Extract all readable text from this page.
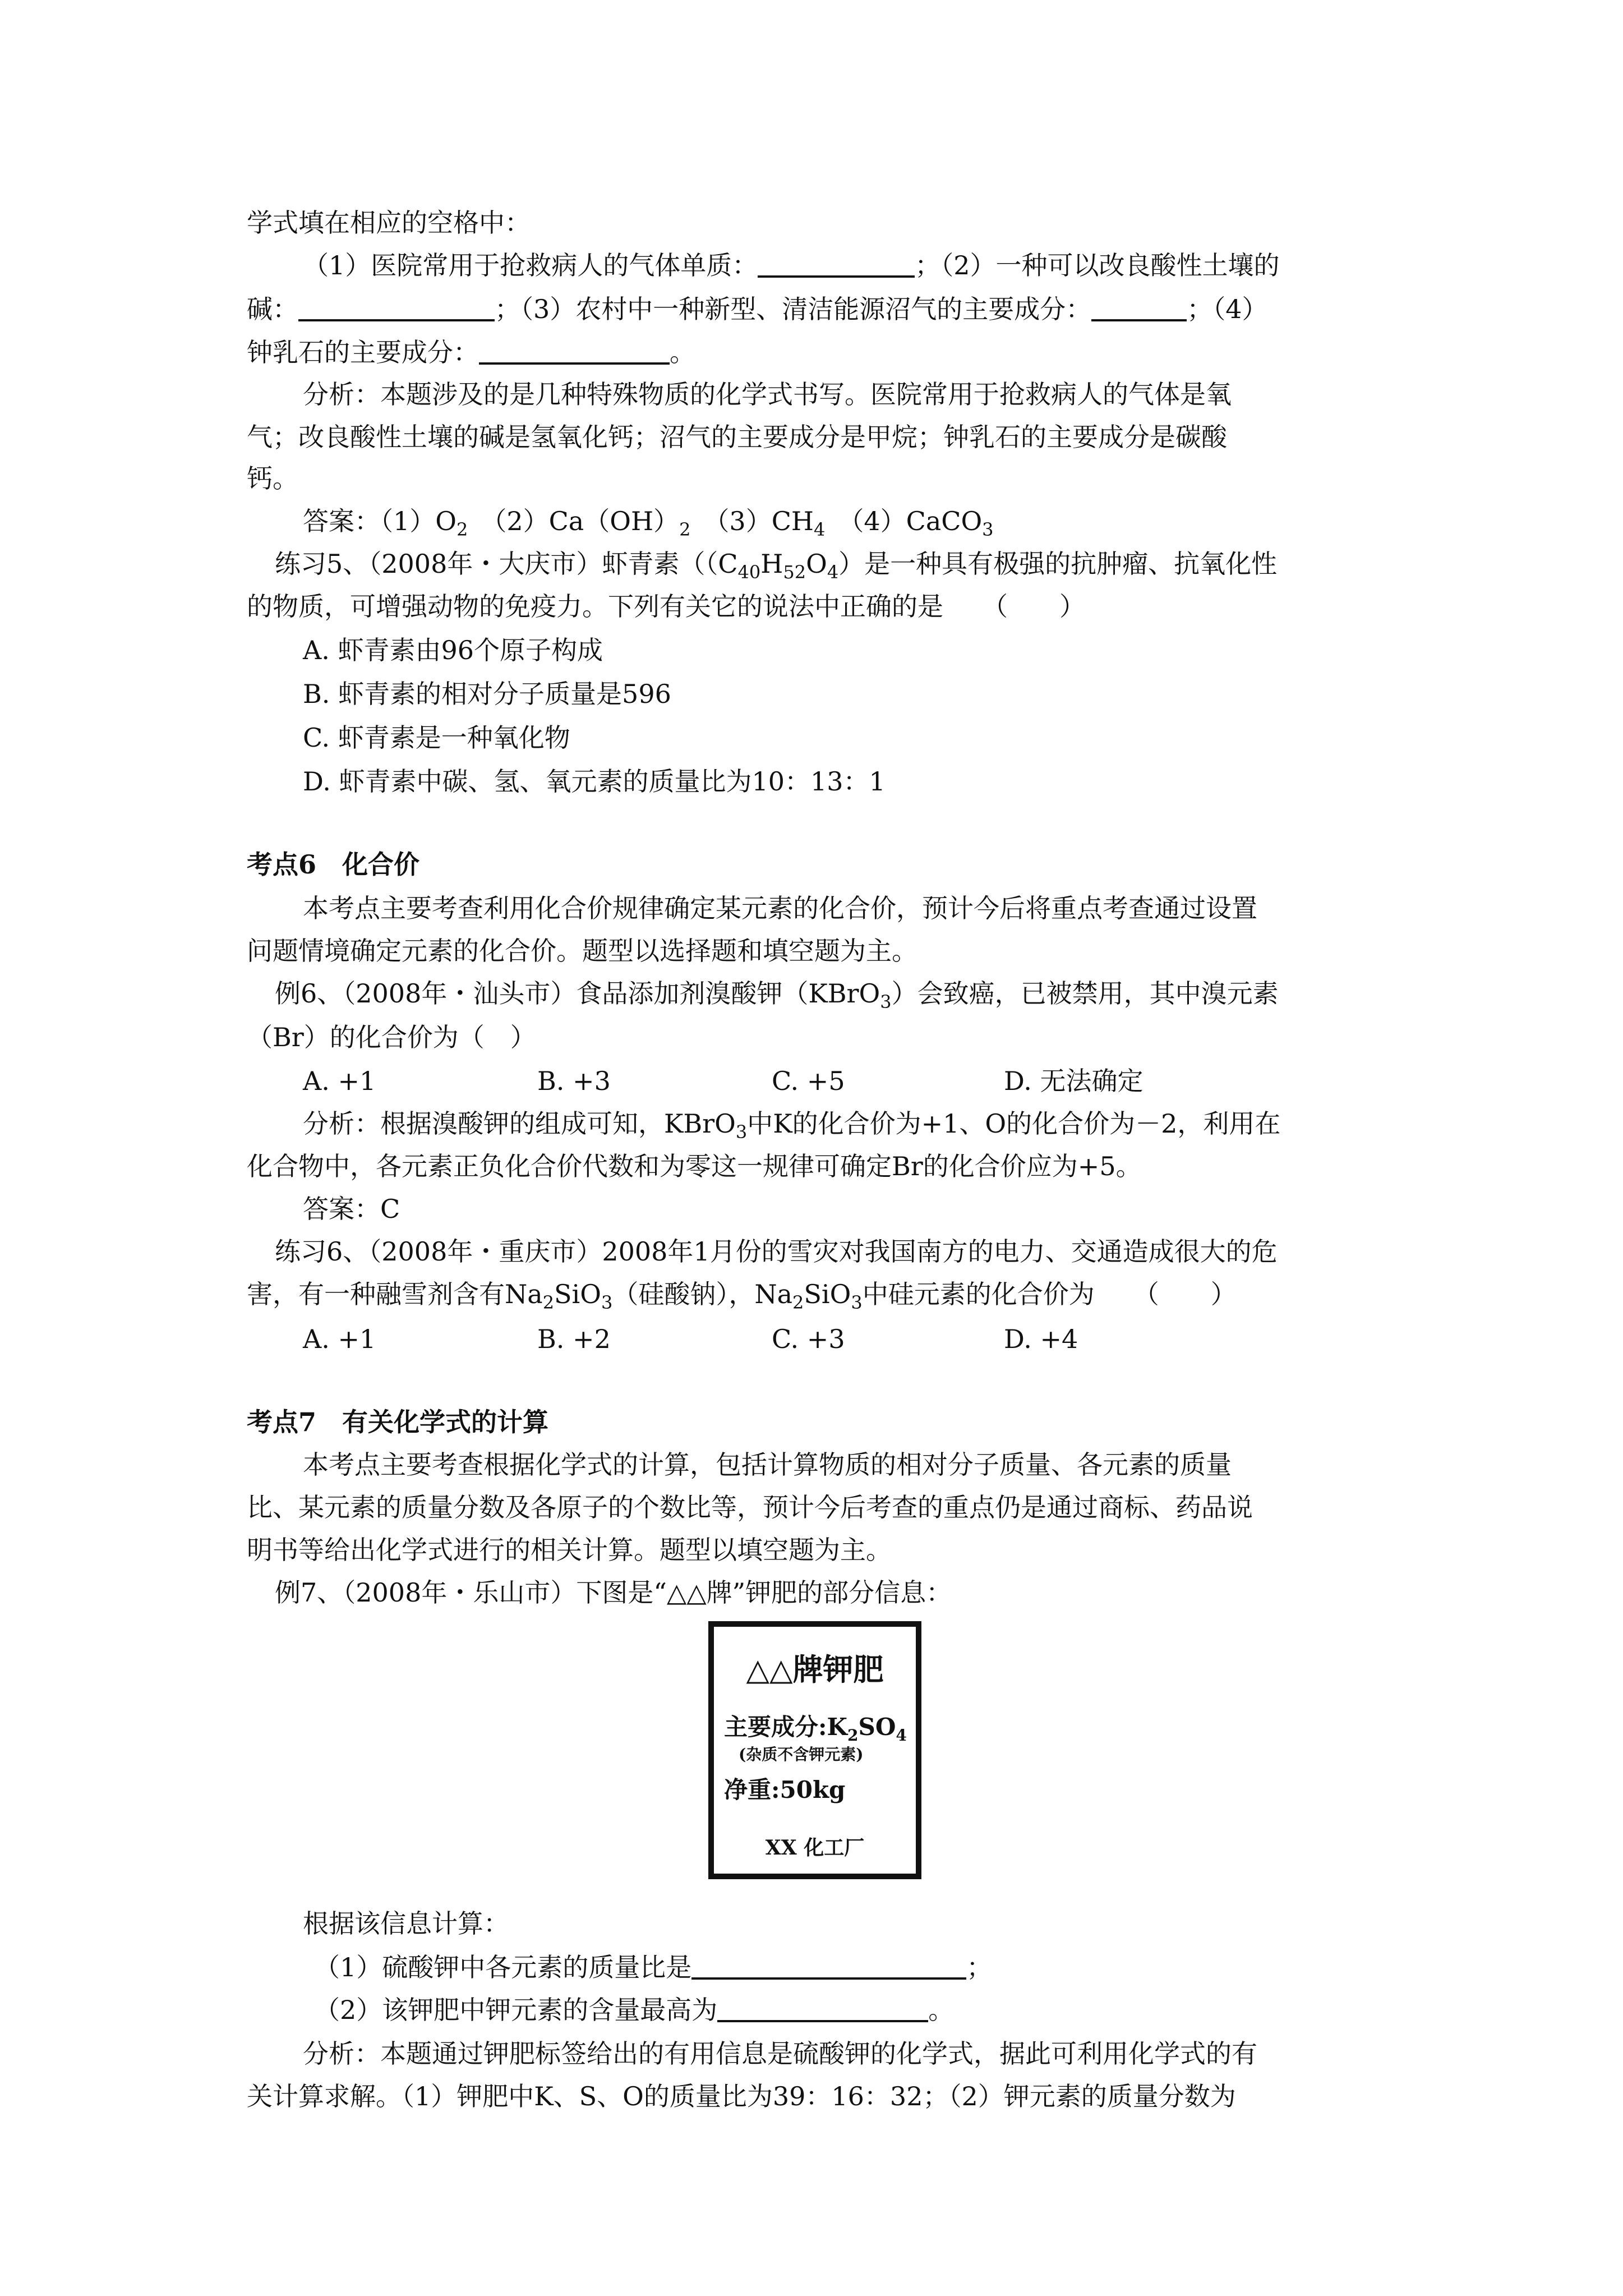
学式填在相应的空格中：
（1）医院常用于抢救病人的气体单质：	；（2）一种可以改良酸性土壤的
碱：	；（3）农村中一种新型、清洁能源沼气的主要成分：	；（4）
钟乳石的主要成分：	。
分析：本题涉及的是几种特殊物质的化学式书写。医院常用于抢救病人的气体是氧
气；改良酸性土壤的碱是氢氧化钙；沼气的主要成分是甲烷；钟乳石的主要成分是碳酸
钙。
答案：$(1)O_2$　 $(2)Ca(OH)_2$　 $(3)CH_4$　 （4）CaCO$_3$
练习5、（2008年・大庆市）虾青素（$(C_{40}H_{52}O_4)$是一种具有极强的抗肿瘤、抗氧化性
的物质，可增强动物的免疫力。下列有关它的说法中正确的是　　（　　）
A. 虾青素由96个原子构成
B. 虾青素的相对分子质量是596
C. 虾青素是一种氧化物
D. 虾青素中碳、氢、氧元素的质量比为10：13：1
考点6　化合价
本考点主要考查利用化合价规律确定某元素的化合价，预计今后将重点考查通过设置
问题情境确定元素的化合价。题型以选择题和填空题为主。
例6、（2008年・汕头市）食品添加剂溴酸钾（KBrO$_3$）会致癌，已被禁用，其中溴元素
（Br）的化合价为（　）
A. +1	B. +3	C. +5	D. 无法确定
分析：根据溴酸钾的组成可知，KBrO$_3$中K的化合价为+1、O的化合价为－2，利用在
化合物中，各元素正负化合价代数和为零这一规律可确定Br的化合价应为+5。
答案：C
练习6、（2008年・重庆市）2008年1月份的雪灾对我国南方的电力、交通造成很大的危
害，有一种融雪剂含有$Na_2SiO_3$（硅酸钠），$Na_2SiO_3$中硅元素的化合价为　　（　　）
A. +1	B. +2	C. +3	D. +4
考点7　有关化学式的计算
本考点主要考查根据化学式的计算，包括计算物质的相对分子质量、各元素的质量
比、某元素的质量分数及各原子的个数比等，预计今后考查的重点仍是通过商标、药品说
明书等给出化学式进行的相关计算。题型以填空题为主。
例7、（2008年・乐山市）下图是“△△牌”钾肥的部分信息：
△△牌钾肥
主要成分$:K_2SO_4$
(杂质不含钾元素)
净重:50kg
XX 化工厂
根据该信息计算：
（1）硫酸钾中各元素的质量比是	；
（2）该钾肥中钾元素的含量最高为	。
分析：本题通过钾肥标签给出的有用信息是硫酸钾的化学式，据此可利用化学式的有
关计算求解。（1）钾肥中K、S、O的质量比为39：16：32；（2）钾元素的质量分数为
